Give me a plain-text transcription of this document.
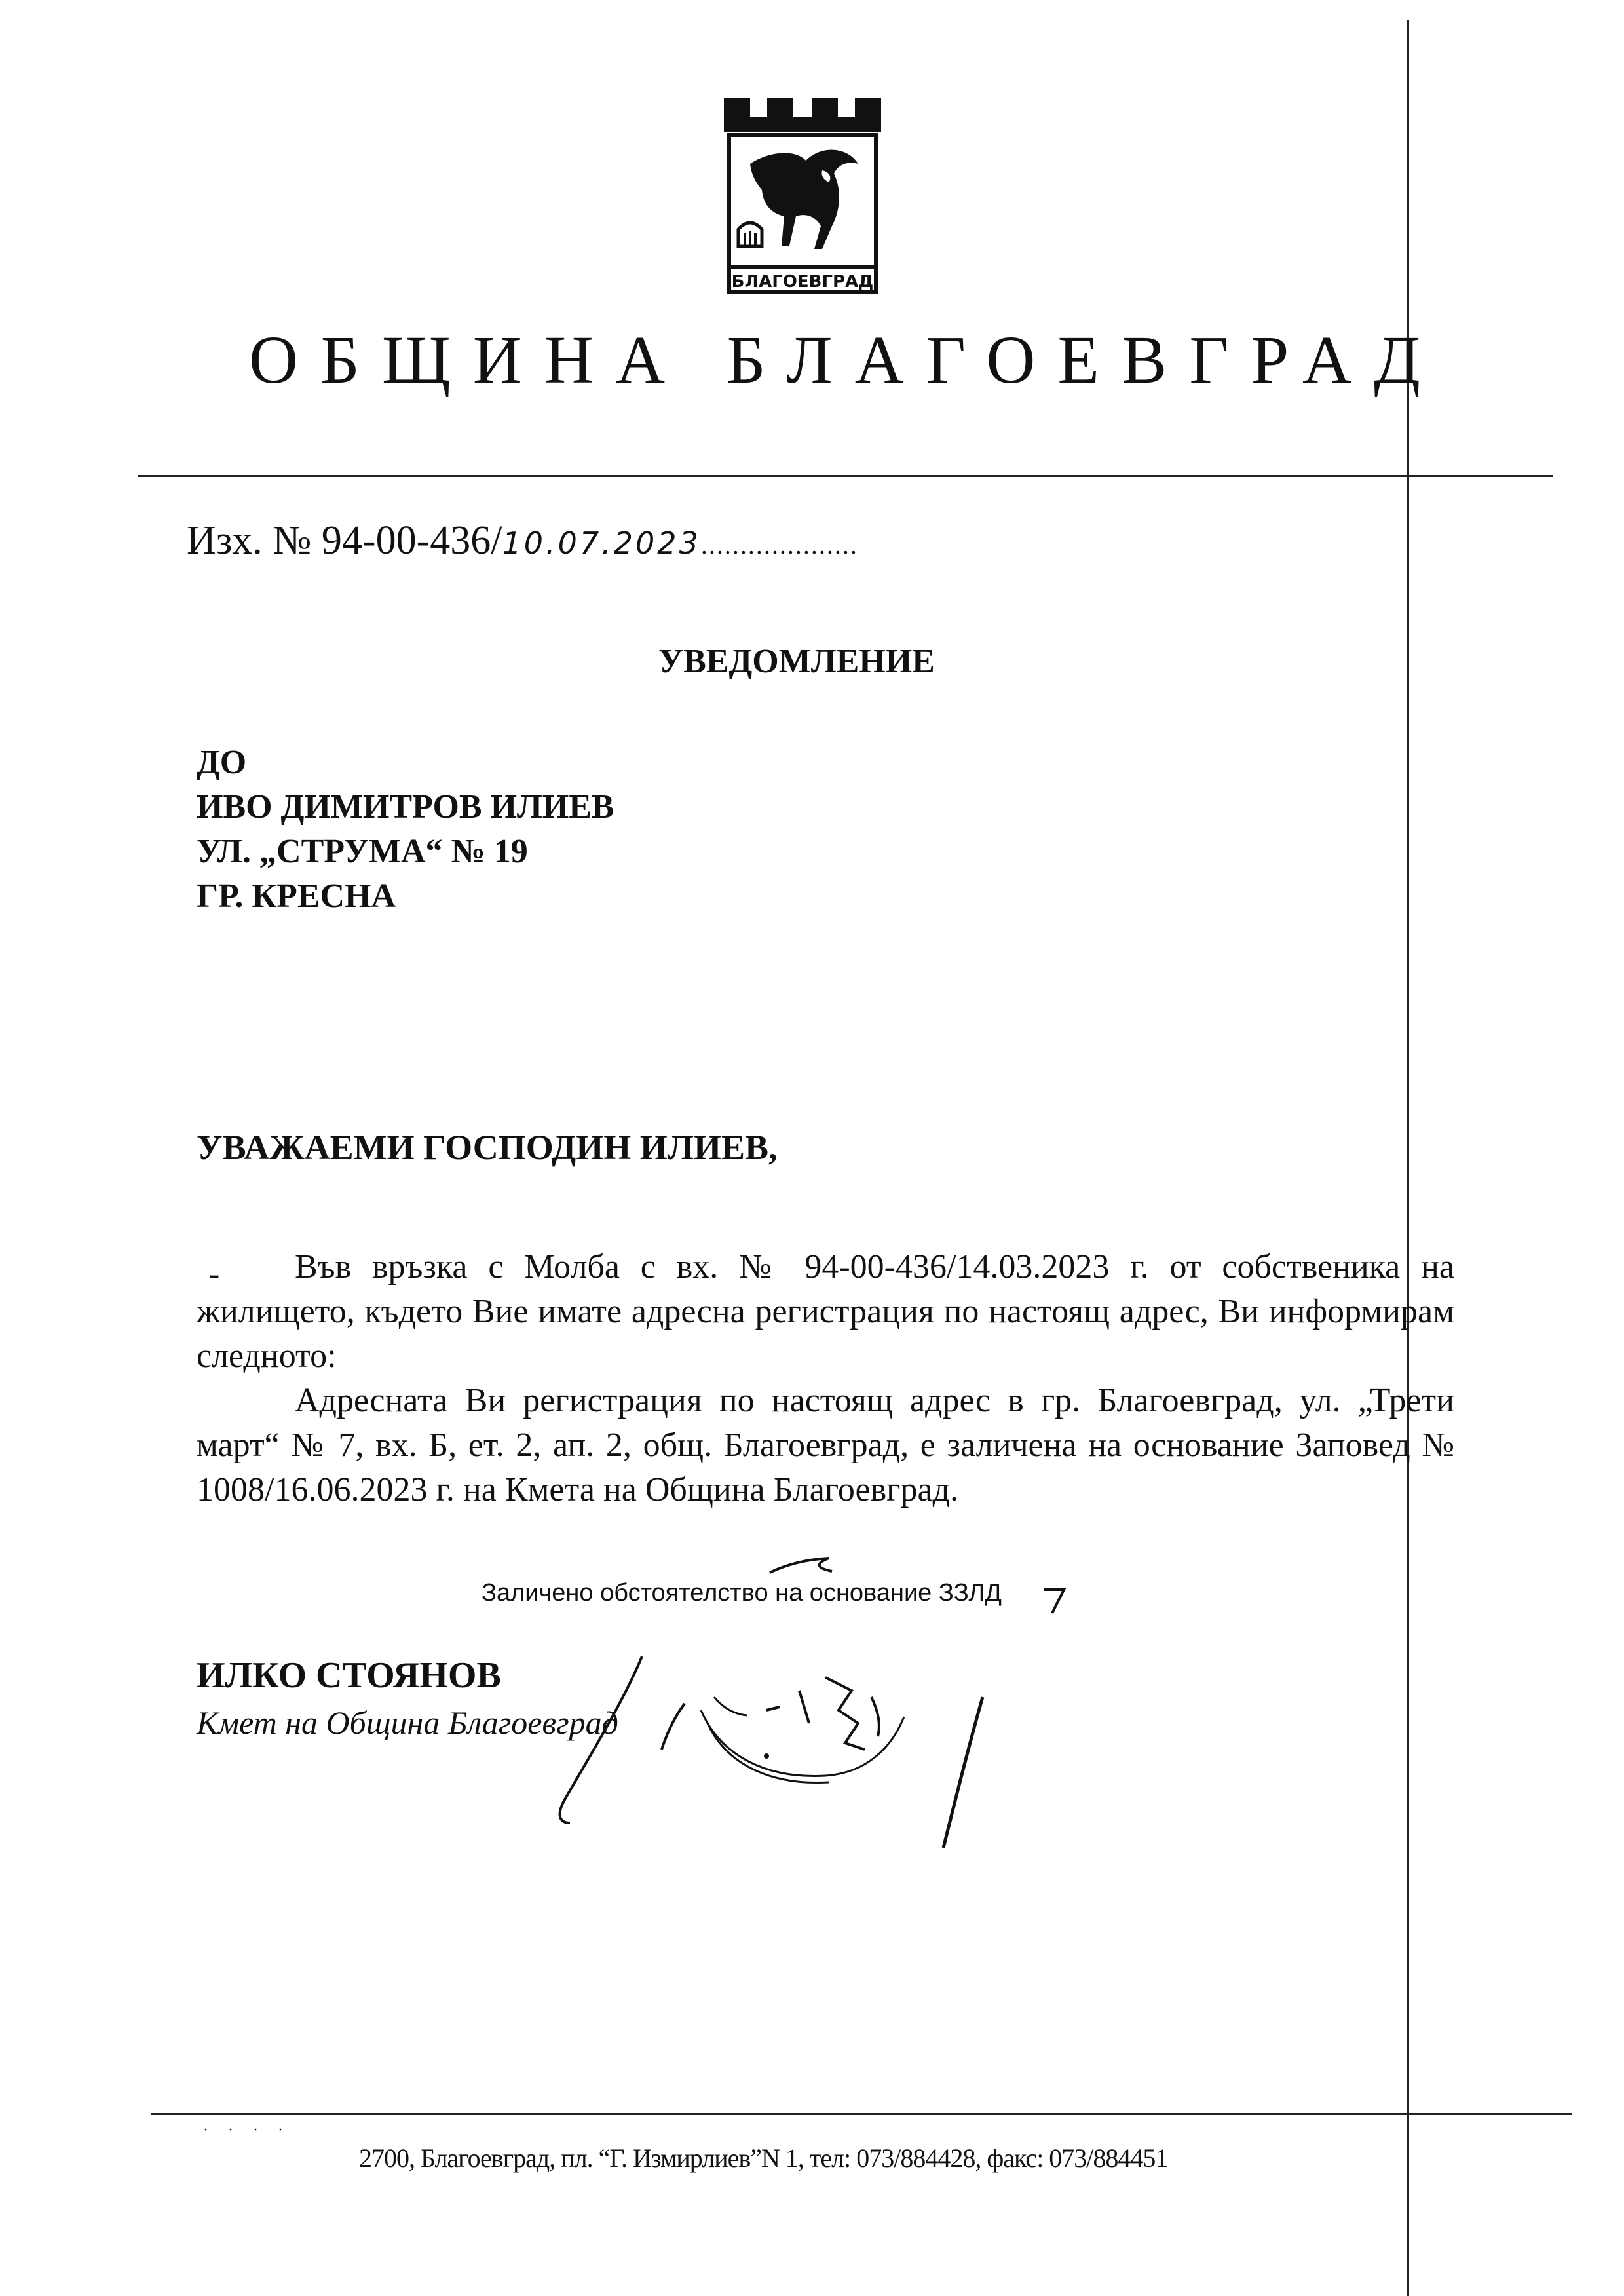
БЛАГОЕВГРАД
ОБЩИНА БЛАГОЕВГРАД
Изх. № 94-00-436/10.07.2023....................
УВЕДОМЛЕНИЕ
ДО
ИВО ДИМИТРОВ ИЛИЕВ
УЛ. „СТРУМА“ № 19
ГР. КРЕСНА
УВАЖАЕМИ ГОСПОДИН ИЛИЕВ,
-	Във връзка с Молба с вх. № 94-00-436/14.03.2023 г. от собственика на жилището, където Вие имате адресна регистрация по настоящ адрес, Ви информирам следното:

Адресната Ви регистрация по настоящ адрес в гр. Благоевград, ул. „Трети март“ № 7, вх. Б, ет. 2, ап. 2, общ. Благоевград, е заличена на основание Заповед № 1008/16.06.2023 г. на Кмета на Община Благоевград.

Заличено обстоятелство на основание ЗЗЛД
ИЛКО СТОЯНОВ
Кмет на Община Благоевград
· · · ·
2700, Благоевград, пл. “Г. Измирлиев”N 1, тел: 073/884428, факс: 073/884451
